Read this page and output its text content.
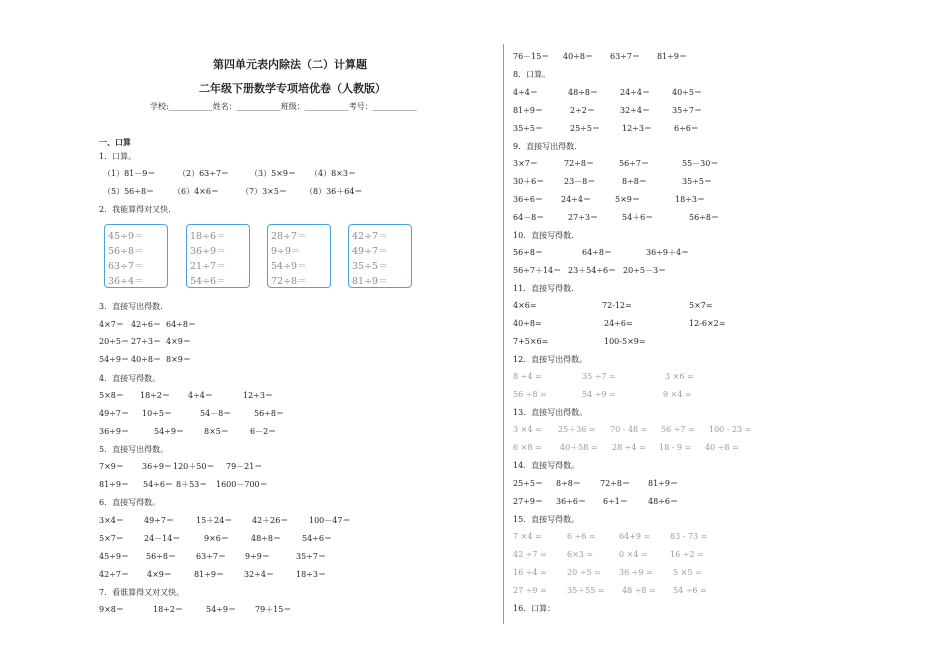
第四单元表内除法（二）计算题
二年级下册数学专项培优卷（人教版）
学校:___________姓名：___________班级：___________考号：___________
一、口算
1．口算。
（1）81－9＝	（2）63÷7＝	（3）5×9＝ （4）8×3＝
（5）56÷8＝ （6）4×6＝	（7）3×5＝ （8）36＋64＝
2．我能算得对又快.
45÷9＝
56÷8＝
63÷7＝
36÷4＝
18÷6＝
36÷9＝
21÷7＝
54÷6＝
28÷7＝
9÷9＝
54÷9＝
72÷8＝
42÷7＝
49÷7＝
35÷5＝
81÷9＝
3．直接写出得数.
4×7＝ 42÷6＝ 64÷8＝
20÷5＝ 27÷3＝ 4×9＝
54÷9＝ 40÷8＝ 8×9＝
4．直接写得数。
5×8＝ 18÷2＝ 4÷4＝	12÷3＝
49÷7＝ 10÷5＝	54－8＝	56÷8＝
36÷9＝	54÷9＝	8×5＝	6－2＝
5．直接写出得数。
7×9＝ 36÷9＝ 120＋50＝ 79－21＝
81÷9＝ 54÷6＝ 8＋53＝ 1600－700＝
6．直接写得数。
3×4＝	49÷7＝	15＋24＝ 42＋26＝	100－47＝
5×7＝	24－14＝	9×6＝	48÷8＝	54÷6＝
45÷9＝ 56÷8＝	63÷7＝ 9÷9＝	35÷7＝
42÷7＝ 4×9＝	81÷9＝	32÷4＝	18÷3＝
7．看谁算得又对又快。
9×8＝	18÷2＝	54÷9＝ 79＋15＝
76－15＝ 40÷8＝ 63÷7＝ 81÷9＝
8．口算。
4÷4＝	48÷8＝	24÷4＝	40÷5＝
81÷9＝	2÷2＝	32÷4＝	35÷7＝
35÷5＝	25÷5＝	12÷3＝	6÷6＝
9．直接写出得数.
3×7＝	72÷8＝	56÷7＝	55－30＝
30＋6＝ 23－8＝	8÷8＝	35÷5＝
36÷6＝ 24÷4＝	5×9＝	18÷3＝
64－8＝	27÷3＝	54＋6＝	56÷8＝
10．直接写得数.
56÷8＝	64÷8＝	36÷9＋4＝
56÷7＋14＝ 23＋54÷6＝ 20÷5－3＝
11．直接写得数.
4×6=	72-12=	5×7=
40÷8=	24÷6=	12-6×2=
7+5×6=	100-5×9=
12．直接写出得数。
8 ÷4 =	35 ÷7 =	3 ×6 =
56 ÷8 =	54 ÷9 =	9 ×4 =
13．直接写出得数。
3 ×4 = 25＋36 = 70 - 48 = 56 ÷7 = 100 - 23 =
6 ×8 = 40＋58 = 28 ÷4 = 18 - 9 = 40 ÷8 =
14．直接写得数。
25÷5＝ 8÷8＝ 72÷8＝ 81÷9＝
27÷9＝ 36÷6＝ 6÷1＝	48÷6＝
15．直接写得数。
7 ×4 =	6 ÷6 =	64+9 = 83 - 73 =
42 ÷7 =	6×3 =	0 ×4 =	16 ÷2 =
16 ÷4 =	20 ÷5 = 36 ÷9 =	5 ×5 =
27 ÷9 =	35＋55 = 48 ÷8 = 54 ÷6 =
16．口算：
